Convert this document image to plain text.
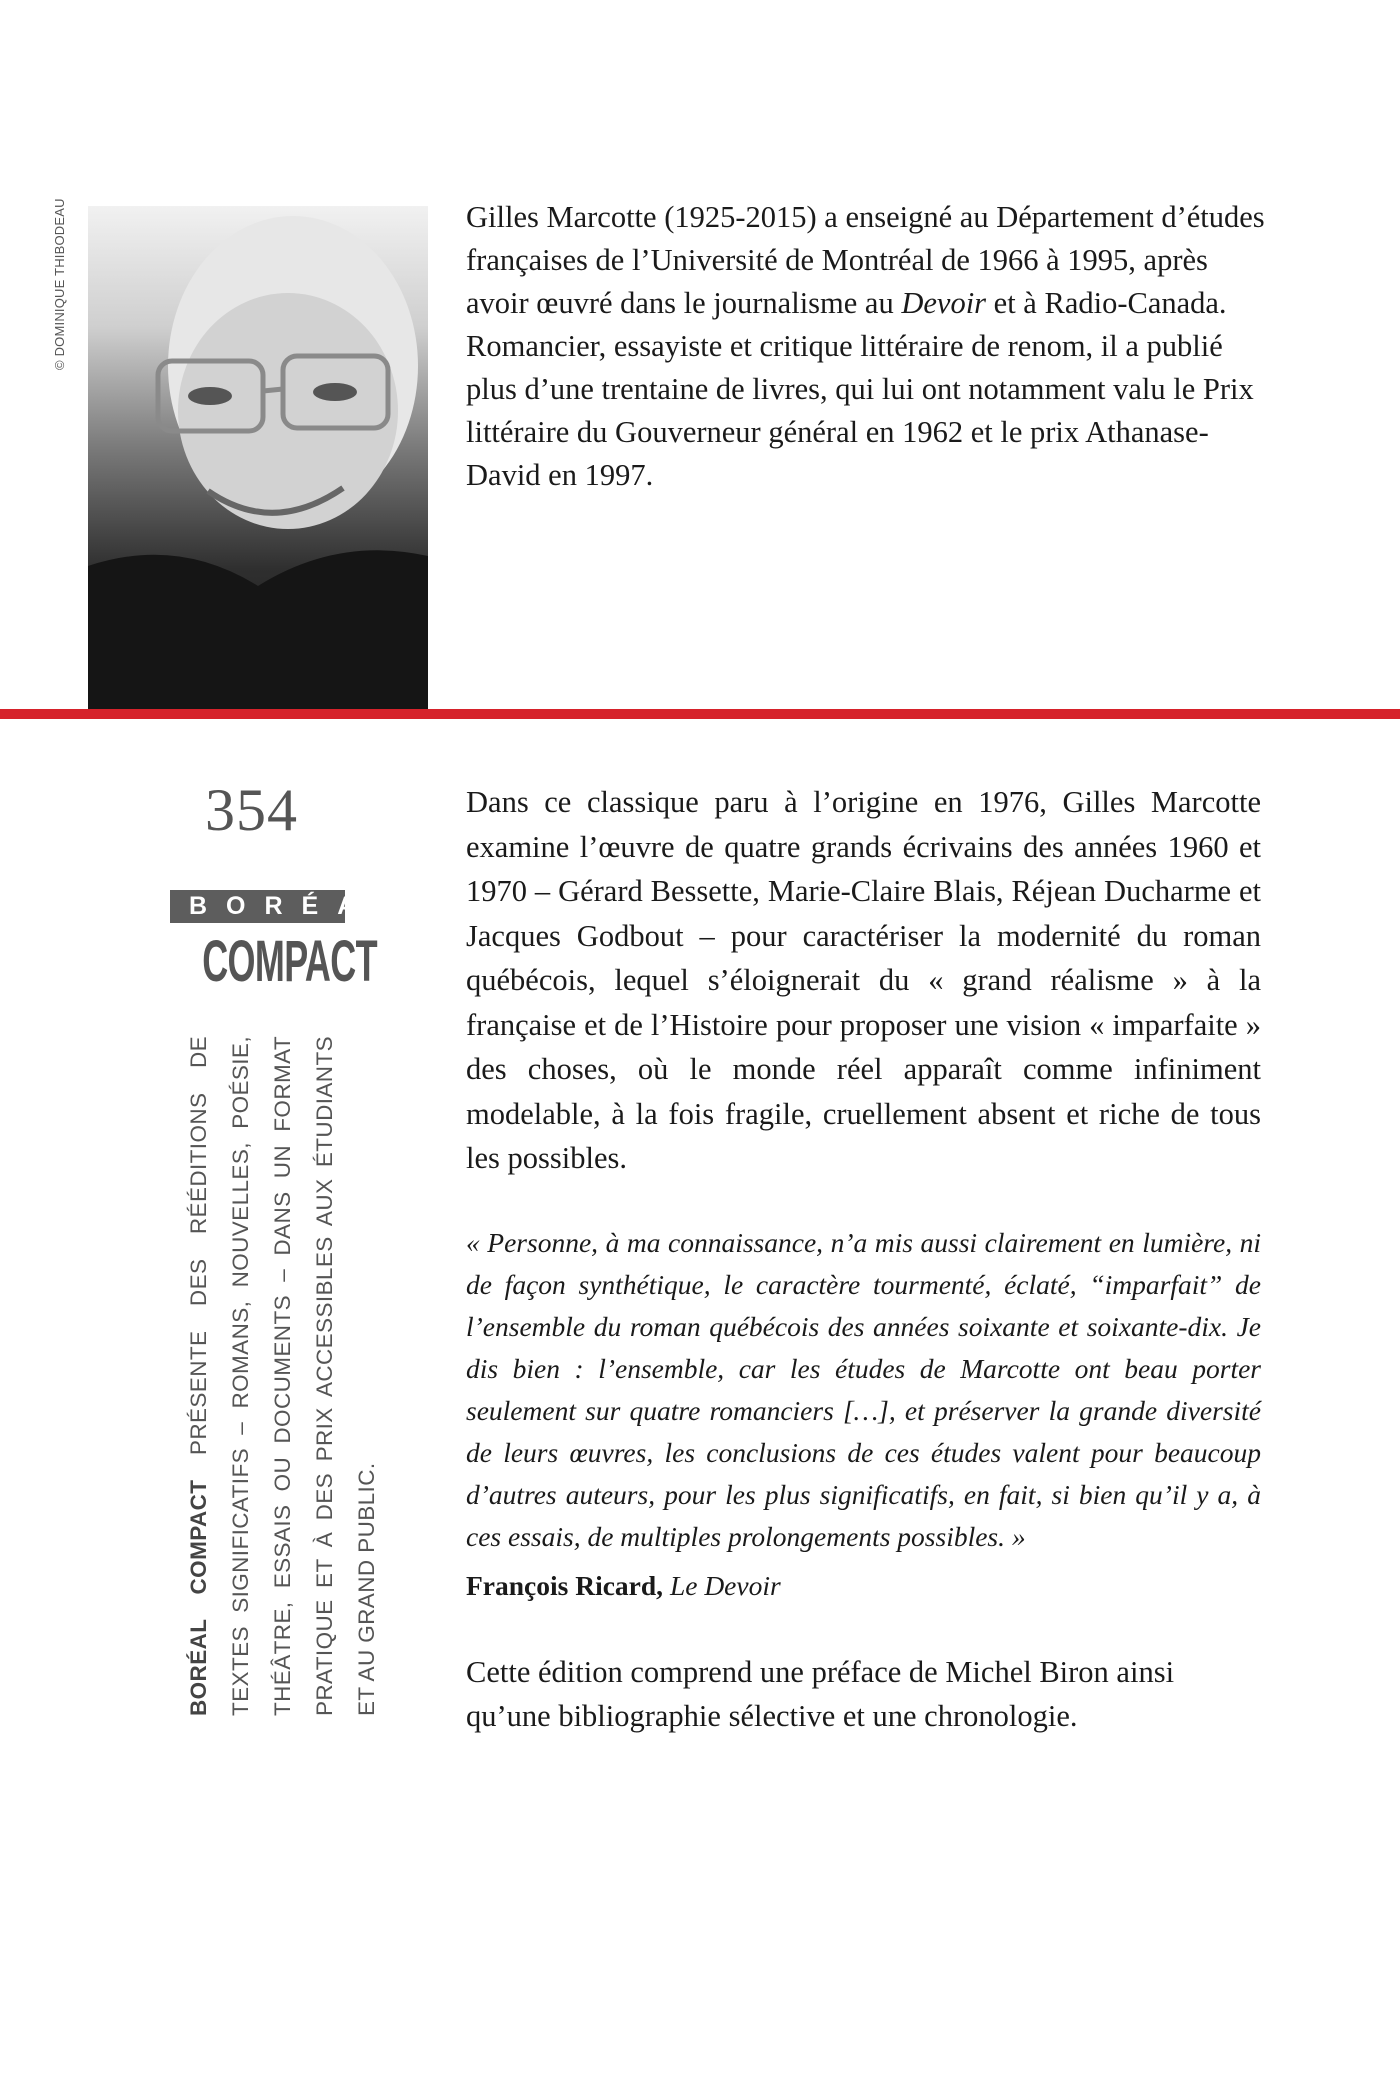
© DOMINIQUE THIBODEAU	Gilles Marcotte (1925-2015) a enseigné au Département d’études françaises de l’Université de Montréal de 1966 à 1995, après avoir œuvré dans le journalisme au Devoir et à Radio-Canada. Romancier, essayiste et critique littéraire de renom, il a publié plus d’une trentaine de livres, qui lui ont notamment valu le Prix littéraire du Gouverneur général en 1962 et le prix Athanase-David en 1997.

354
BORÉAL
COMPACT
BORÉAL COMPACT PRÉSENTE DES RÉÉDITIONS DE TEXTES SIGNIFICATIFS – ROMANS, NOUVELLES, POÉSIE, THÉÂTRE, ESSAIS OU DOCUMENTS – DANS UN FORMAT PRATIQUE ET À DES PRIX ACCESSIBLES AUX ÉTUDIANTS ET AU GRAND PUBLIC.

Dans ce classique paru à l’origine en 1976, Gilles Marcotte examine l’œuvre de quatre grands écrivains des années 1960 et 1970 – Gérard Bessette, Marie-Claire Blais, Réjean Ducharme et Jacques Godbout – pour caractériser la modernité du roman québécois, lequel s’éloignerait du « grand réalisme » à la française et de l’Histoire pour proposer une vision « imparfaite » des choses, où le monde réel apparaît comme infiniment modelable, à la fois fragile, cruellement absent et riche de tous les possibles.

« Personne, à ma connaissance, n’a mis aussi clairement en lumière, ni de façon synthétique, le caractère tourmenté, éclaté, “imparfait” de l’ensemble du roman québécois des années soixante et soixante-dix. Je dis bien : l’ensemble, car les études de Marcotte ont beau porter seulement sur quatre romanciers […], et préserver la grande diversité de leurs œuvres, les conclusions de ces études valent pour beaucoup d’autres auteurs, pour les plus significatifs, en fait, si bien qu’il y a, à ces essais, de multiples prolongements possibles. »

François Ricard, Le Devoir

Cette édition comprend une préface de Michel Biron ainsi qu’une bibliographie sélective et une chronologie.
